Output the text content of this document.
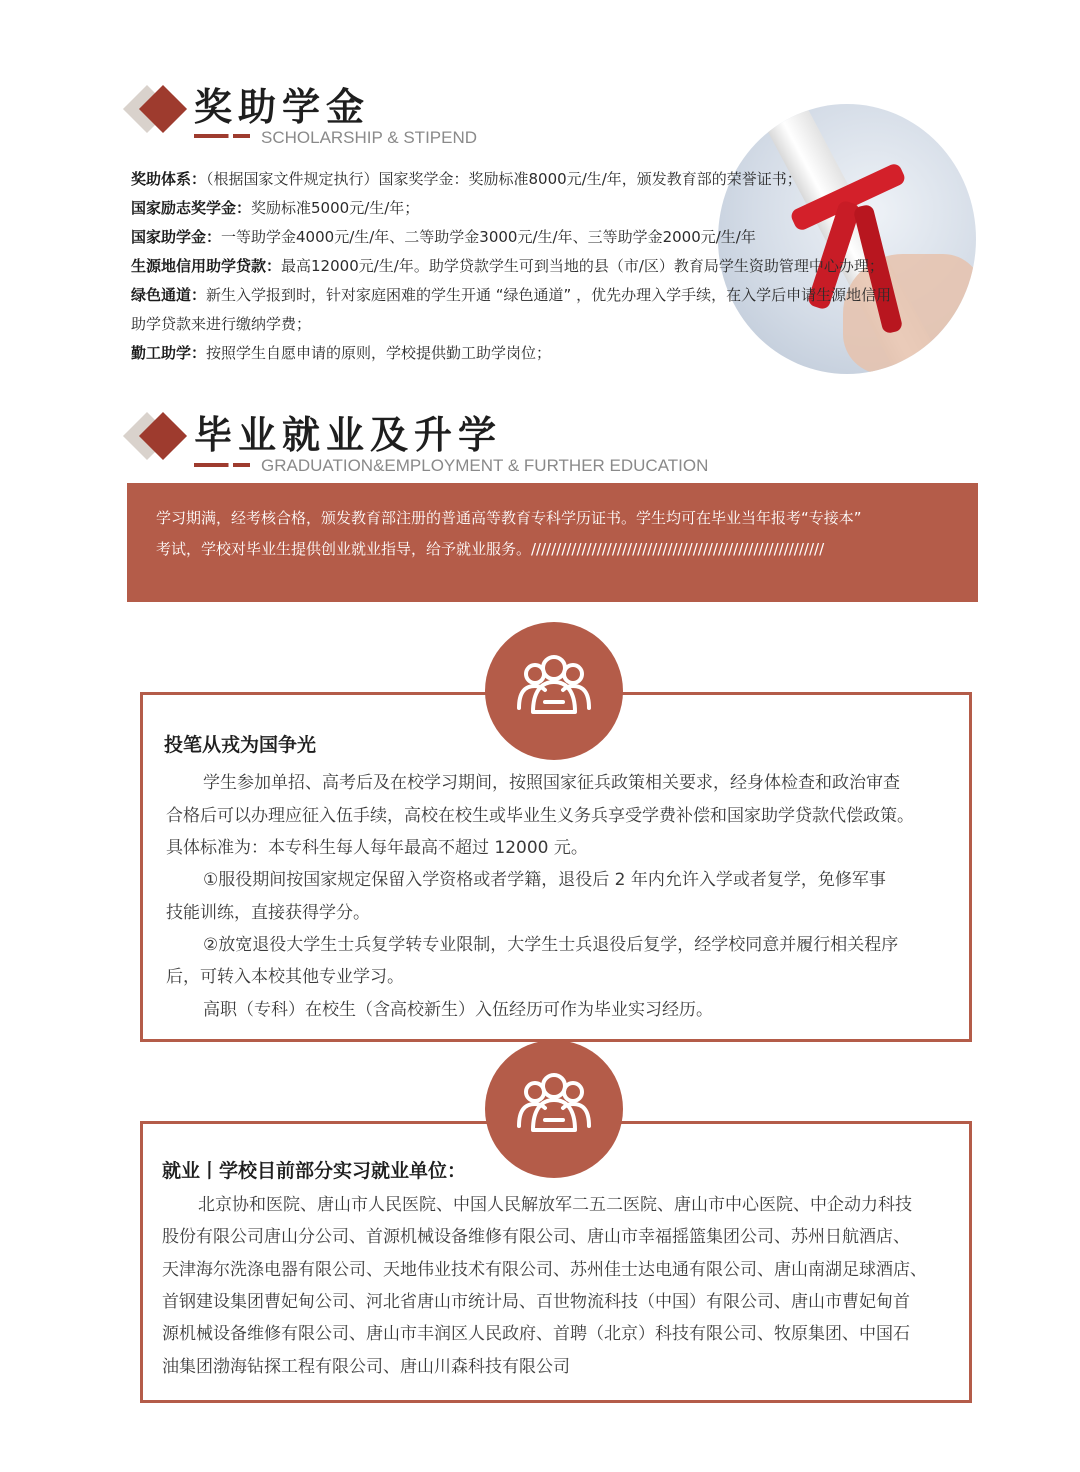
奖助学金
SCHOLARSHIP & STIPEND
奖助体系：（根据国家文件规定执行）国家奖学金：奖励标准8000元/生/年，颁发教育部的荣誉证书；
国家励志奖学金：奖励标准5000元/生/年；
国家助学金：一等助学金4000元/生/年、二等助学金3000元/生/年、三等助学金2000元/生/年
生源地信用助学贷款：最高12000元/生/年。助学贷款学生可到当地的县（市/区）教育局学生资助管理中心办理；
绿色通道：新生入学报到时，针对家庭困难的学生开通 “绿色通道” ，优先办理入学手续，在入学后申请生源地信用
助学贷款来进行缴纳学费；
勤工助学：按照学生自愿申请的原则，学校提供勤工助学岗位；
毕业就业及升学
GRADUATION&EMPLOYMENT & FURTHER EDUCATION
学习期满，经考核合格，颁发教育部注册的普通高等教育专科学历证书。学生均可在毕业当年报考“专接本”
考试，学校对毕业生提供创业就业指导，给予就业服务。//////////////////////////////////////////////////////////
投笔从戎为国争光
学生参加单招、高考后及在校学习期间，按照国家征兵政策相关要求，经身体检查和政治审查
合格后可以办理应征入伍手续，高校在校生或毕业生义务兵享受学费补偿和国家助学贷款代偿政策。
具体标准为：本专科生每人每年最高不超过 12000 元。
①服役期间按国家规定保留入学资格或者学籍，退役后 2 年内允许入学或者复学，免修军事
技能训练，直接获得学分。
②放宽退役大学生士兵复学转专业限制，大学生士兵退役后复学，经学校同意并履行相关程序
后，可转入本校其他专业学习。
高职（专科）在校生（含高校新生）入伍经历可作为毕业实习经历。
就业丨学校目前部分实习就业单位：
北京协和医院、唐山市人民医院、中国人民解放军二五二医院、唐山市中心医院、中企动力科技
股份有限公司唐山分公司、首源机械设备维修有限公司、唐山市幸福摇篮集团公司、苏州日航酒店、
天津海尔洗涤电器有限公司、天地伟业技术有限公司、苏州佳士达电通有限公司、唐山南湖足球酒店、
首钢建设集团曹妃甸公司、河北省唐山市统计局、百世物流科技（中国）有限公司、唐山市曹妃甸首
源机械设备维修有限公司、唐山市丰润区人民政府、首聘（北京）科技有限公司、牧原集团、中国石
油集团渤海钻探工程有限公司、唐山川森科技有限公司
